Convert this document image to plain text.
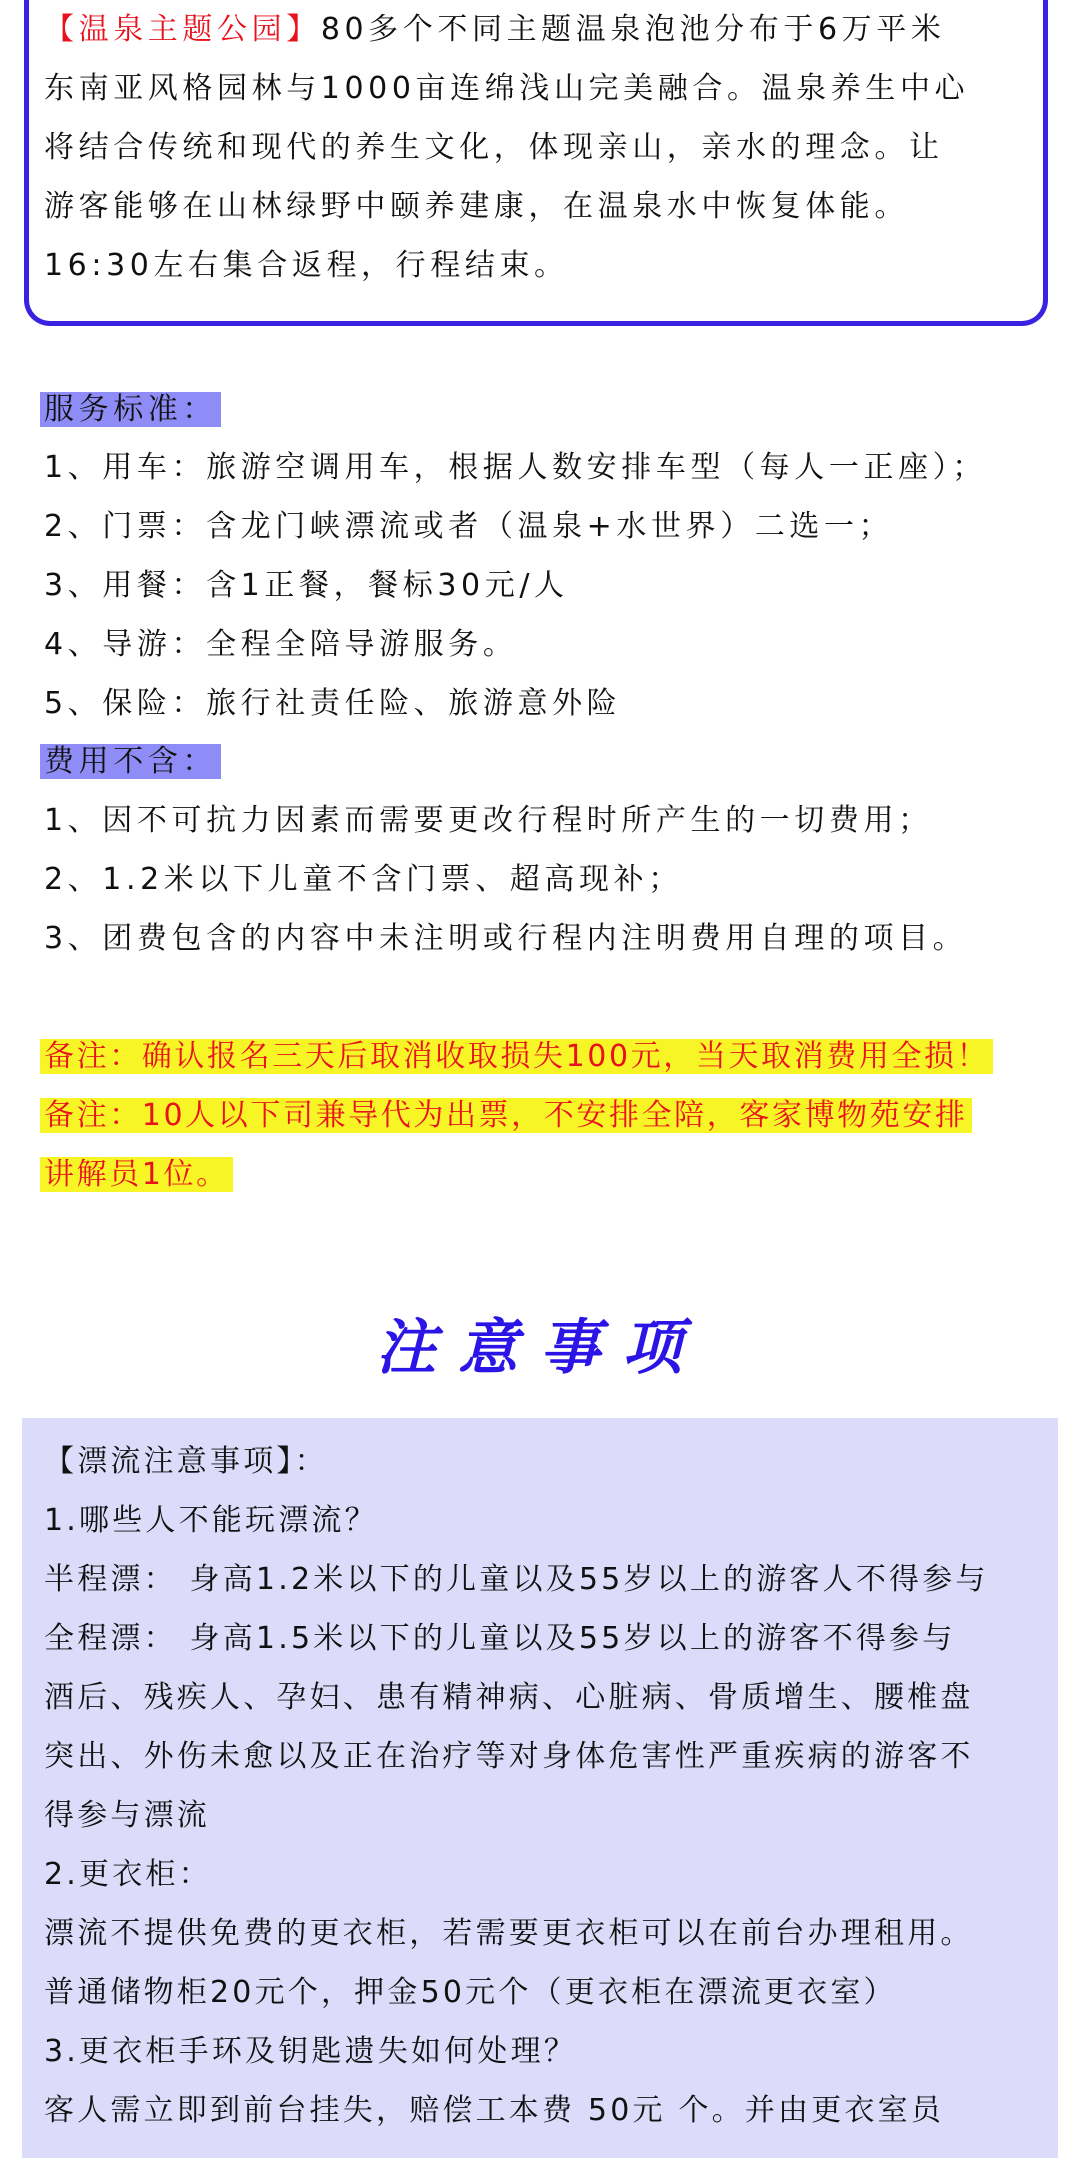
【温泉主题公园】80多个不同主题温泉泡池分布于6万平米
东南亚风格园林与1000亩连绵浅山完美融合。温泉养生中心
将结合传统和现代的养生文化，体现亲山，亲水的理念。让
游客能够在山林绿野中颐养建康，在温泉水中恢复体能。
16:30左右集合返程，行程结束。
服务标准：
1、用车：旅游空调用车，根据人数安排车型（每人一正座）；
2、门票：含龙门峡漂流或者（温泉+水世界）二选一；
3、用餐：含1正餐，餐标30元/人
4、导游：全程全陪导游服务。
5、保险：旅行社责任险、旅游意外险
费用不含：
1、因不可抗力因素而需要更改行程时所产生的一切费用；
2、1.2米以下儿童不含门票、超高现补；
3、团费包含的内容中未注明或行程内注明费用自理的项目。
备注：确认报名三天后取消收取损失100元，当天取消费用全损！
备注：10人以下司兼导代为出票，不安排全陪，客家博物苑安排
讲解员1位。
注意事项
【漂流注意事项】：
1.哪些人不能玩漂流？
半程漂： 身高1.2米以下的儿童以及55岁以上的游客人不得参与
全程漂： 身高1.5米以下的儿童以及55岁以上的游客不得参与
酒后、残疾人、孕妇、患有精神病、心脏病、骨质增生、腰椎盘
突出、外伤未愈以及正在治疗等对身体危害性严重疾病的游客不
得参与漂流
2.更衣柜：
漂流不提供免费的更衣柜，若需要更衣柜可以在前台办理租用。
普通储物柜20元个，押金50元个（更衣柜在漂流更衣室）
3.更衣柜手环及钥匙遗失如何处理？
客人需立即到前台挂失，赔偿工本费 50元 个。并由更衣室员
